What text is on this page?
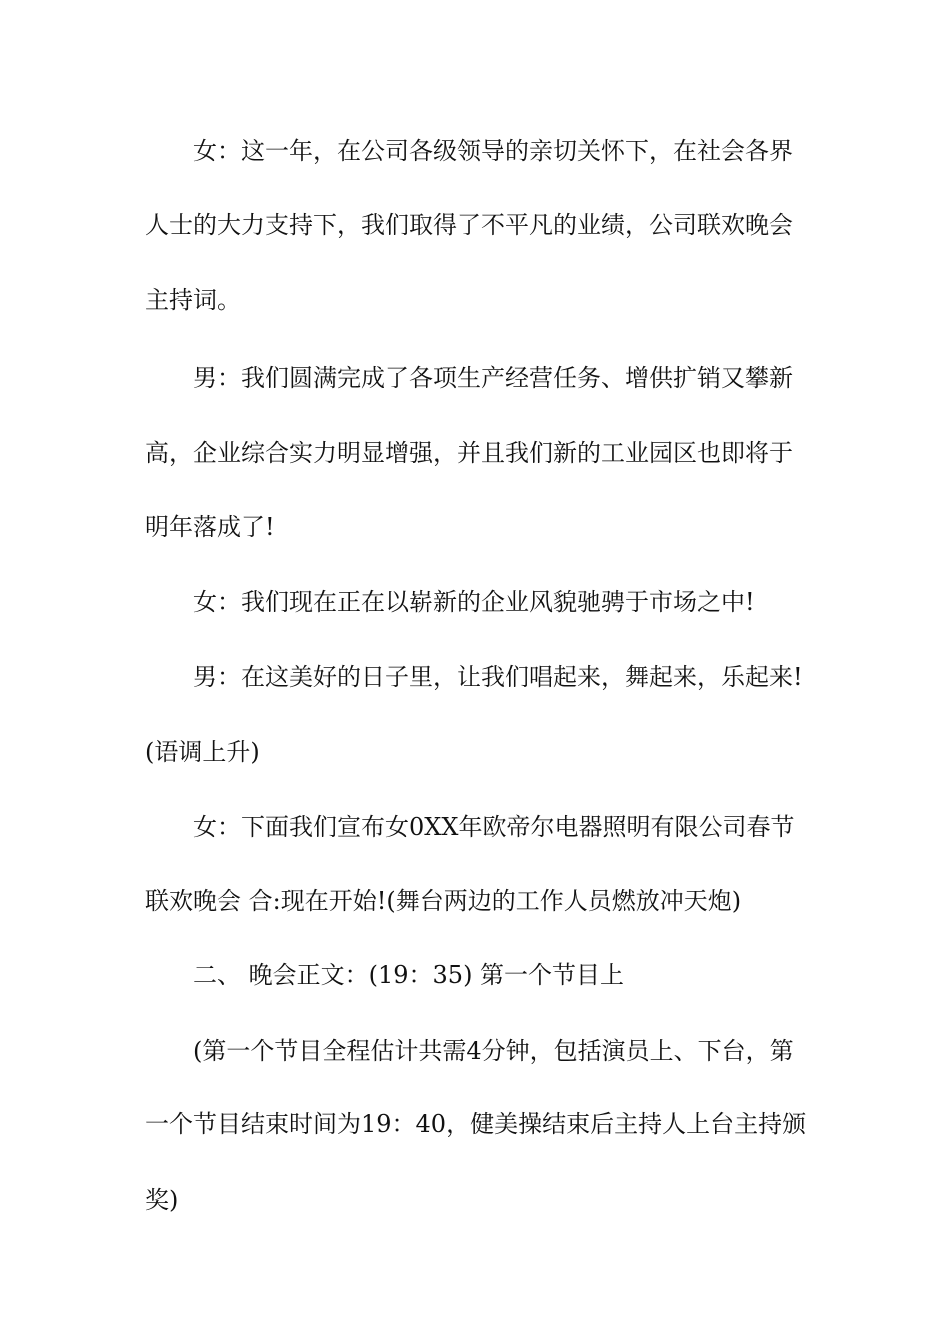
女：这一年，在公司各级领导的亲切关怀下，在社会各界
人士的大力支持下，我们取得了不平凡的业绩，公司联欢晚会
主持词。
男：我们圆满完成了各项生产经营任务、增供扩销又攀新
高，企业综合实力明显增强，并且我们新的工业园区也即将于
明年落成了!
女：我们现在正在以崭新的企业风貌驰骋于市场之中!
男：在这美好的日子里，让我们唱起来，舞起来，乐起来!
(语调上升)
女：下面我们宣布女0XX年欧帝尔电器照明有限公司春节
联欢晚会 合:现在开始!(舞台两边的工作人员燃放冲天炮)
二、 晚会正文：(19：35) 第一个节目上
(第一个节目全程估计共需4分钟，包括演员上、下台，第
一个节目结束时间为19：40，健美操结束后主持人上台主持颁
奖)
